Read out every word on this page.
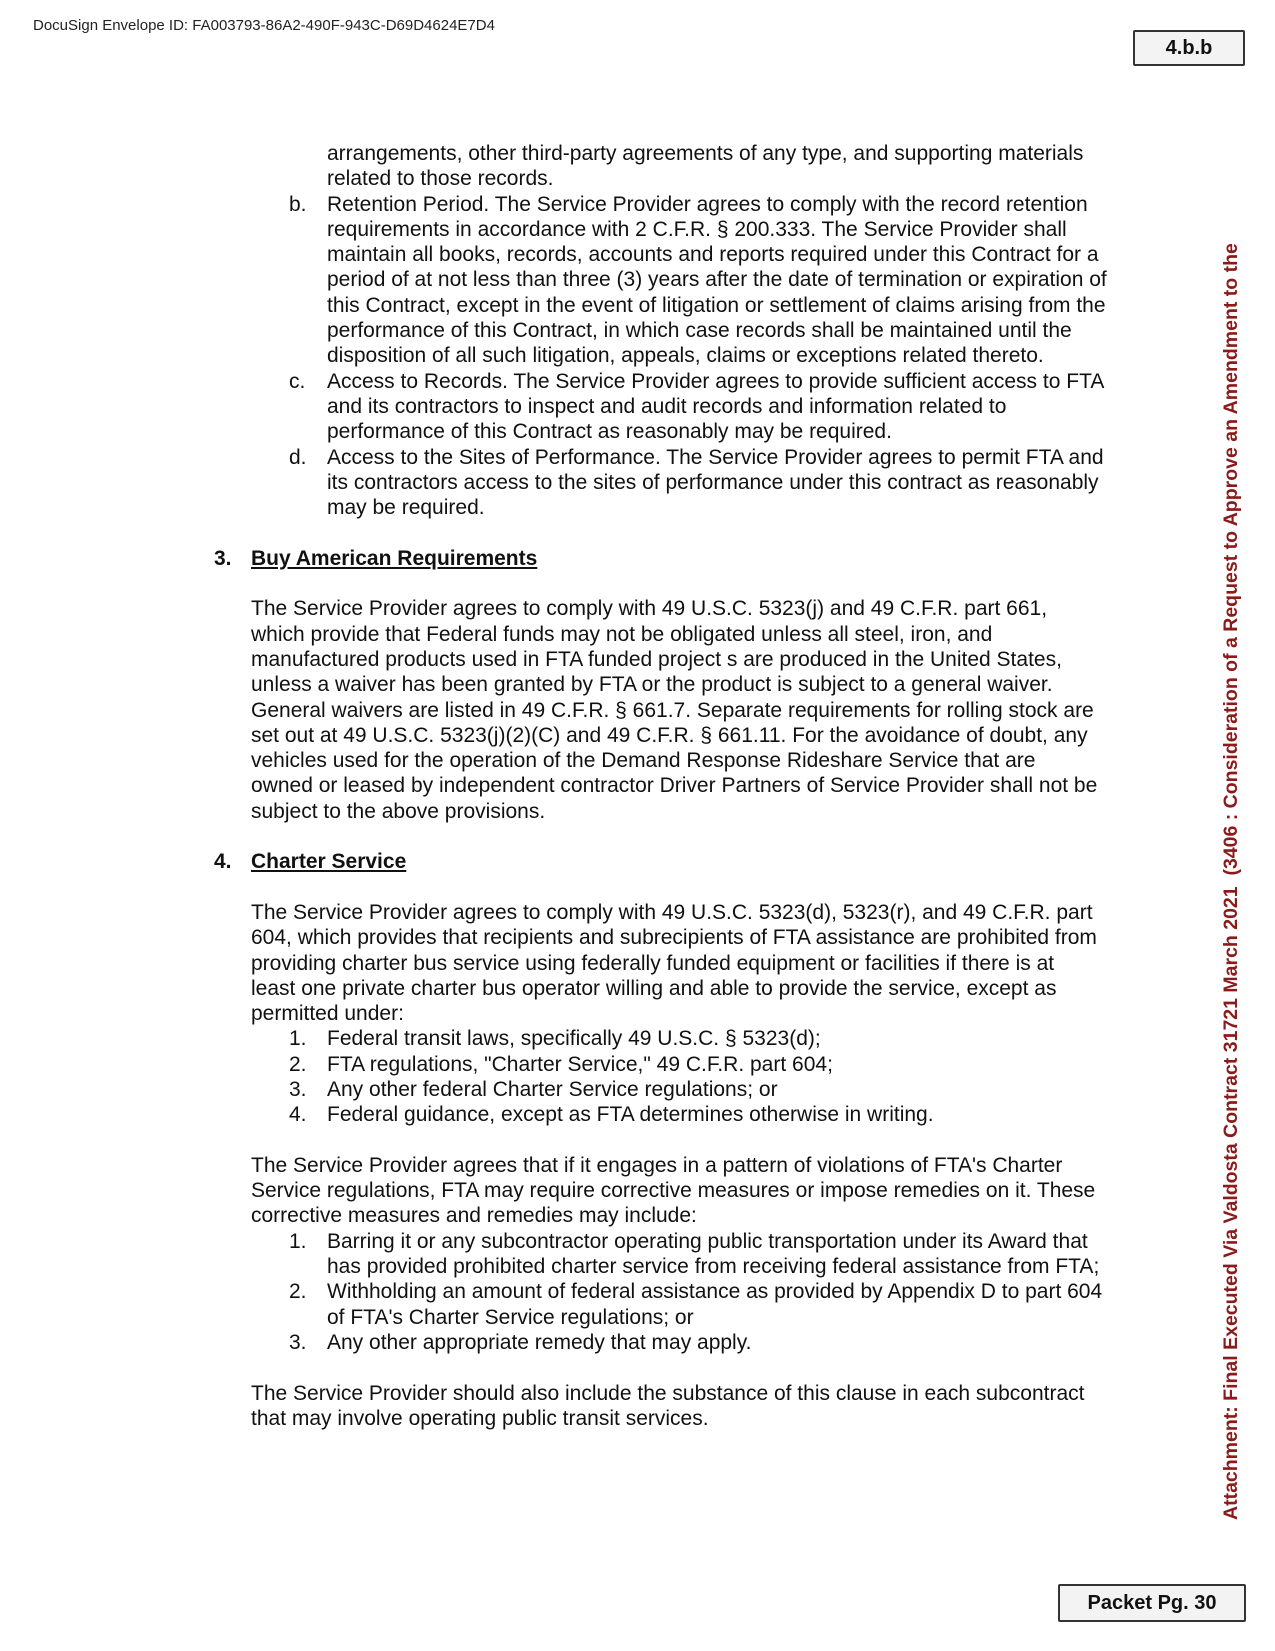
DocuSign Envelope ID: FA003793-86A2-490F-943C-D69D4624E7D4
4.b.b
Attachment: Final Executed Via Valdosta Contract 31721 March 2021  (3406 : Consideration of a Request to Approve an Amendment to the
arrangements, other third-party agreements of any type, and supporting materials related to those records.
b. Retention Period. The Service Provider agrees to comply with the record retention requirements in accordance with 2 C.F.R. § 200.333. The Service Provider shall maintain all books, records, accounts and reports required under this Contract for a period of at not less than three (3) years after the date of termination or expiration of this Contract, except in the event of litigation or settlement of claims arising from the performance of this Contract, in which case records shall be maintained until the disposition of all such litigation, appeals, claims or exceptions related thereto.
c. Access to Records. The Service Provider agrees to provide sufficient access to FTA and its contractors to inspect and audit records and information related to performance of this Contract as reasonably may be required.
d. Access to the Sites of Performance. The Service Provider agrees to permit FTA and its contractors access to the sites of performance under this contract as reasonably may be required.
3. Buy American Requirements
The Service Provider agrees to comply with 49 U.S.C. 5323(j) and 49 C.F.R. part 661, which provide that Federal funds may not be obligated unless all steel, iron, and manufactured products used in FTA funded project s are produced in the United States, unless a waiver has been granted by FTA or the product is subject to a general waiver. General waivers are listed in 49 C.F.R. § 661.7. Separate requirements for rolling stock are set out at 49 U.S.C. 5323(j)(2)(C) and 49 C.F.R. § 661.11. For the avoidance of doubt, any vehicles used for the operation of the Demand Response Rideshare Service that are owned or leased by independent contractor Driver Partners of Service Provider shall not be subject to the above provisions.
4. Charter Service
The Service Provider agrees to comply with 49 U.S.C. 5323(d), 5323(r), and 49 C.F.R. part 604, which provides that recipients and subrecipients of FTA assistance are prohibited from providing charter bus service using federally funded equipment or facilities if there is at least one private charter bus operator willing and able to provide the service, except as permitted under:
1. Federal transit laws, specifically 49 U.S.C. § 5323(d);
2. FTA regulations, "Charter Service," 49 C.F.R. part 604;
3. Any other federal Charter Service regulations; or
4. Federal guidance, except as FTA determines otherwise in writing.
The Service Provider agrees that if it engages in a pattern of violations of FTA's Charter Service regulations, FTA may require corrective measures or impose remedies on it. These corrective measures and remedies may include:
1. Barring it or any subcontractor operating public transportation under its Award that has provided prohibited charter service from receiving federal assistance from FTA;
2. Withholding an amount of federal assistance as provided by Appendix D to part 604 of FTA's Charter Service regulations; or
3. Any other appropriate remedy that may apply.
The Service Provider should also include the substance of this clause in each subcontract that may involve operating public transit services.
Packet Pg. 30
